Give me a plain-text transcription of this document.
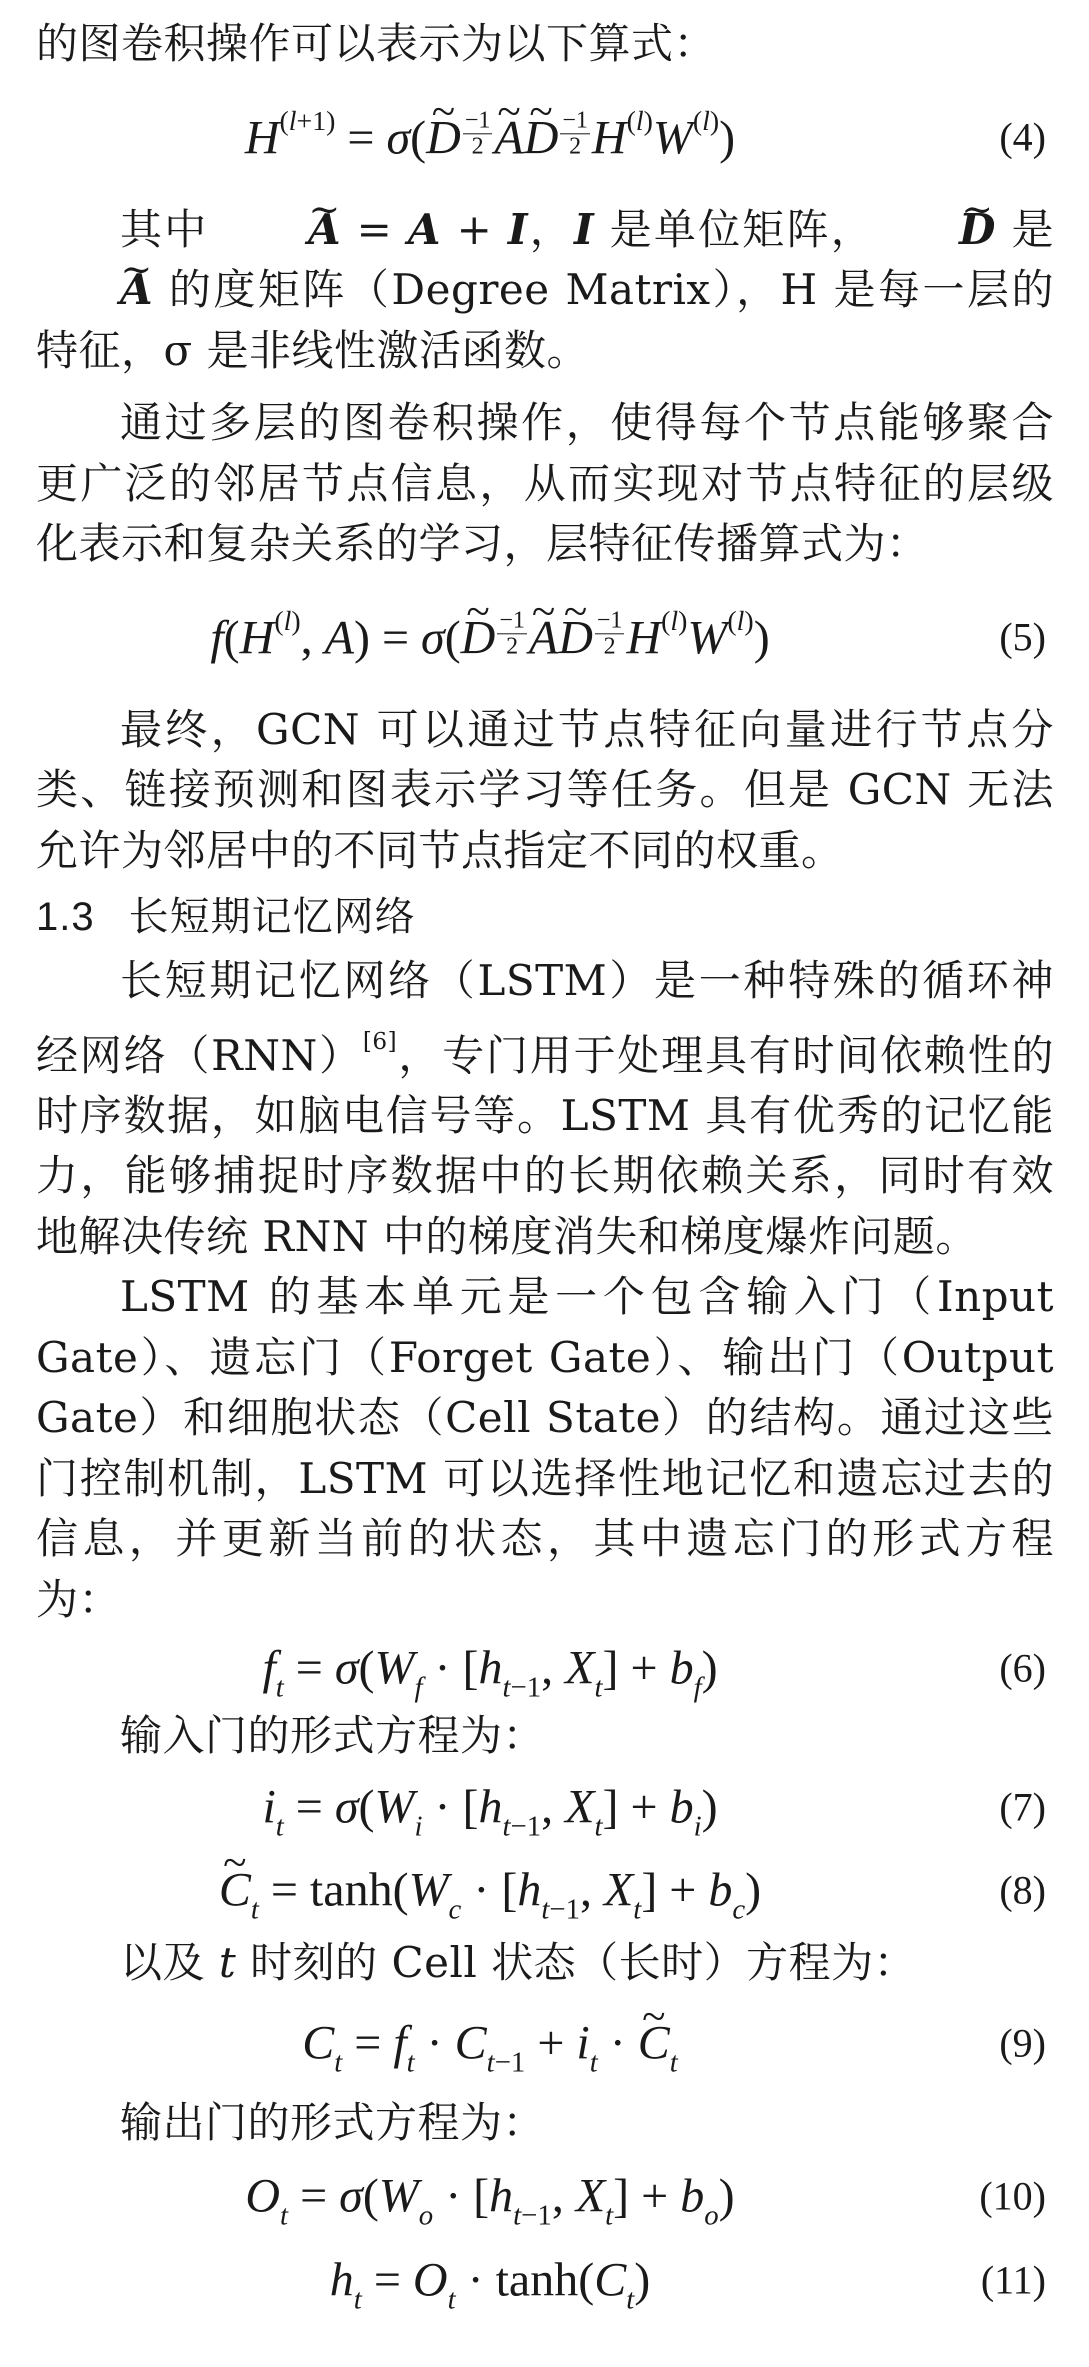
的图卷积操作可以表示为以下算式：

$H^{(l+1)}$ = σ(~ D $\frac{-1}{2}$ ~ A~ D $\frac{-1}{2} H^{(l)}W^{(l)}$)	(4)

其中 ~ A = A + I，I 是单位矩阵， ~ D 是 ~ A 的度矩阵（Degree Matrix），H 是每一层的特征，σ 是非线性激活函数。

通过多层的图卷积操作，使得每个节点能够聚合更广泛的邻居节点信息，从而实现对节点特征的层级化表示和复杂关系的学习，层特征传播算式为：

$f(H^{(l)}$, A) = σ(~ D $\frac{-1}{2}$ ~ A~ D $\frac{-1}{2} H^{(l)}W^{(l)}$)	(5)

最终，GCN 可以通过节点特征向量进行节点分类、链接预测和图表示学习等任务。但是 GCN 无法允许为邻居中的不同节点指定不同的权重。

1.3 长短期记忆网络

长短期记忆网络（LSTM）是一种特殊的循环神经网络（RNN）[6]，专门用于处理具有时间依赖性的时序数据，如脑电信号等。LSTM 具有优秀的记忆能力，能够捕捉时序数据中的长期依赖关系，同时有效地解决传统 RNN 中的梯度消失和梯度爆炸问题。

LSTM 的基本单元是一个包含输入门（Input Gate）、遗忘门（Forget Gate）、输出门（Output Gate）和细胞状态（Cell State）的结构。通过这些门控制机制，LSTM 可以选择性地记忆和遗忘过去的信息，并更新当前的状态，其中遗忘门的形式方程为：

$f_t = \sigma(W_f \cdot [h_{t-1}$, $X_t] + b_f$)	(6)

输入门的形式方程为：

$i_t = \sigma(W_i \cdot [h_{t-1}$, $X_t] + b_i$)	(7)
~ $C_t = \tanh(W_c \cdot [h_{t-1}$, $X_t] + b_c$)	(8)

以及 t 时刻的 Cell 状态（长时）方程为：

$C_t = f_t \cdot C_{t-1} + i_t$ · ~ $C_t$	(9)

输出门的形式方程为：

$O_t = \sigma(W_o \cdot [h_{t-1}$, $X_t] + b_o$)	(10)
$h_t = O_t \cdot \tanh(C_t)$	(11)
